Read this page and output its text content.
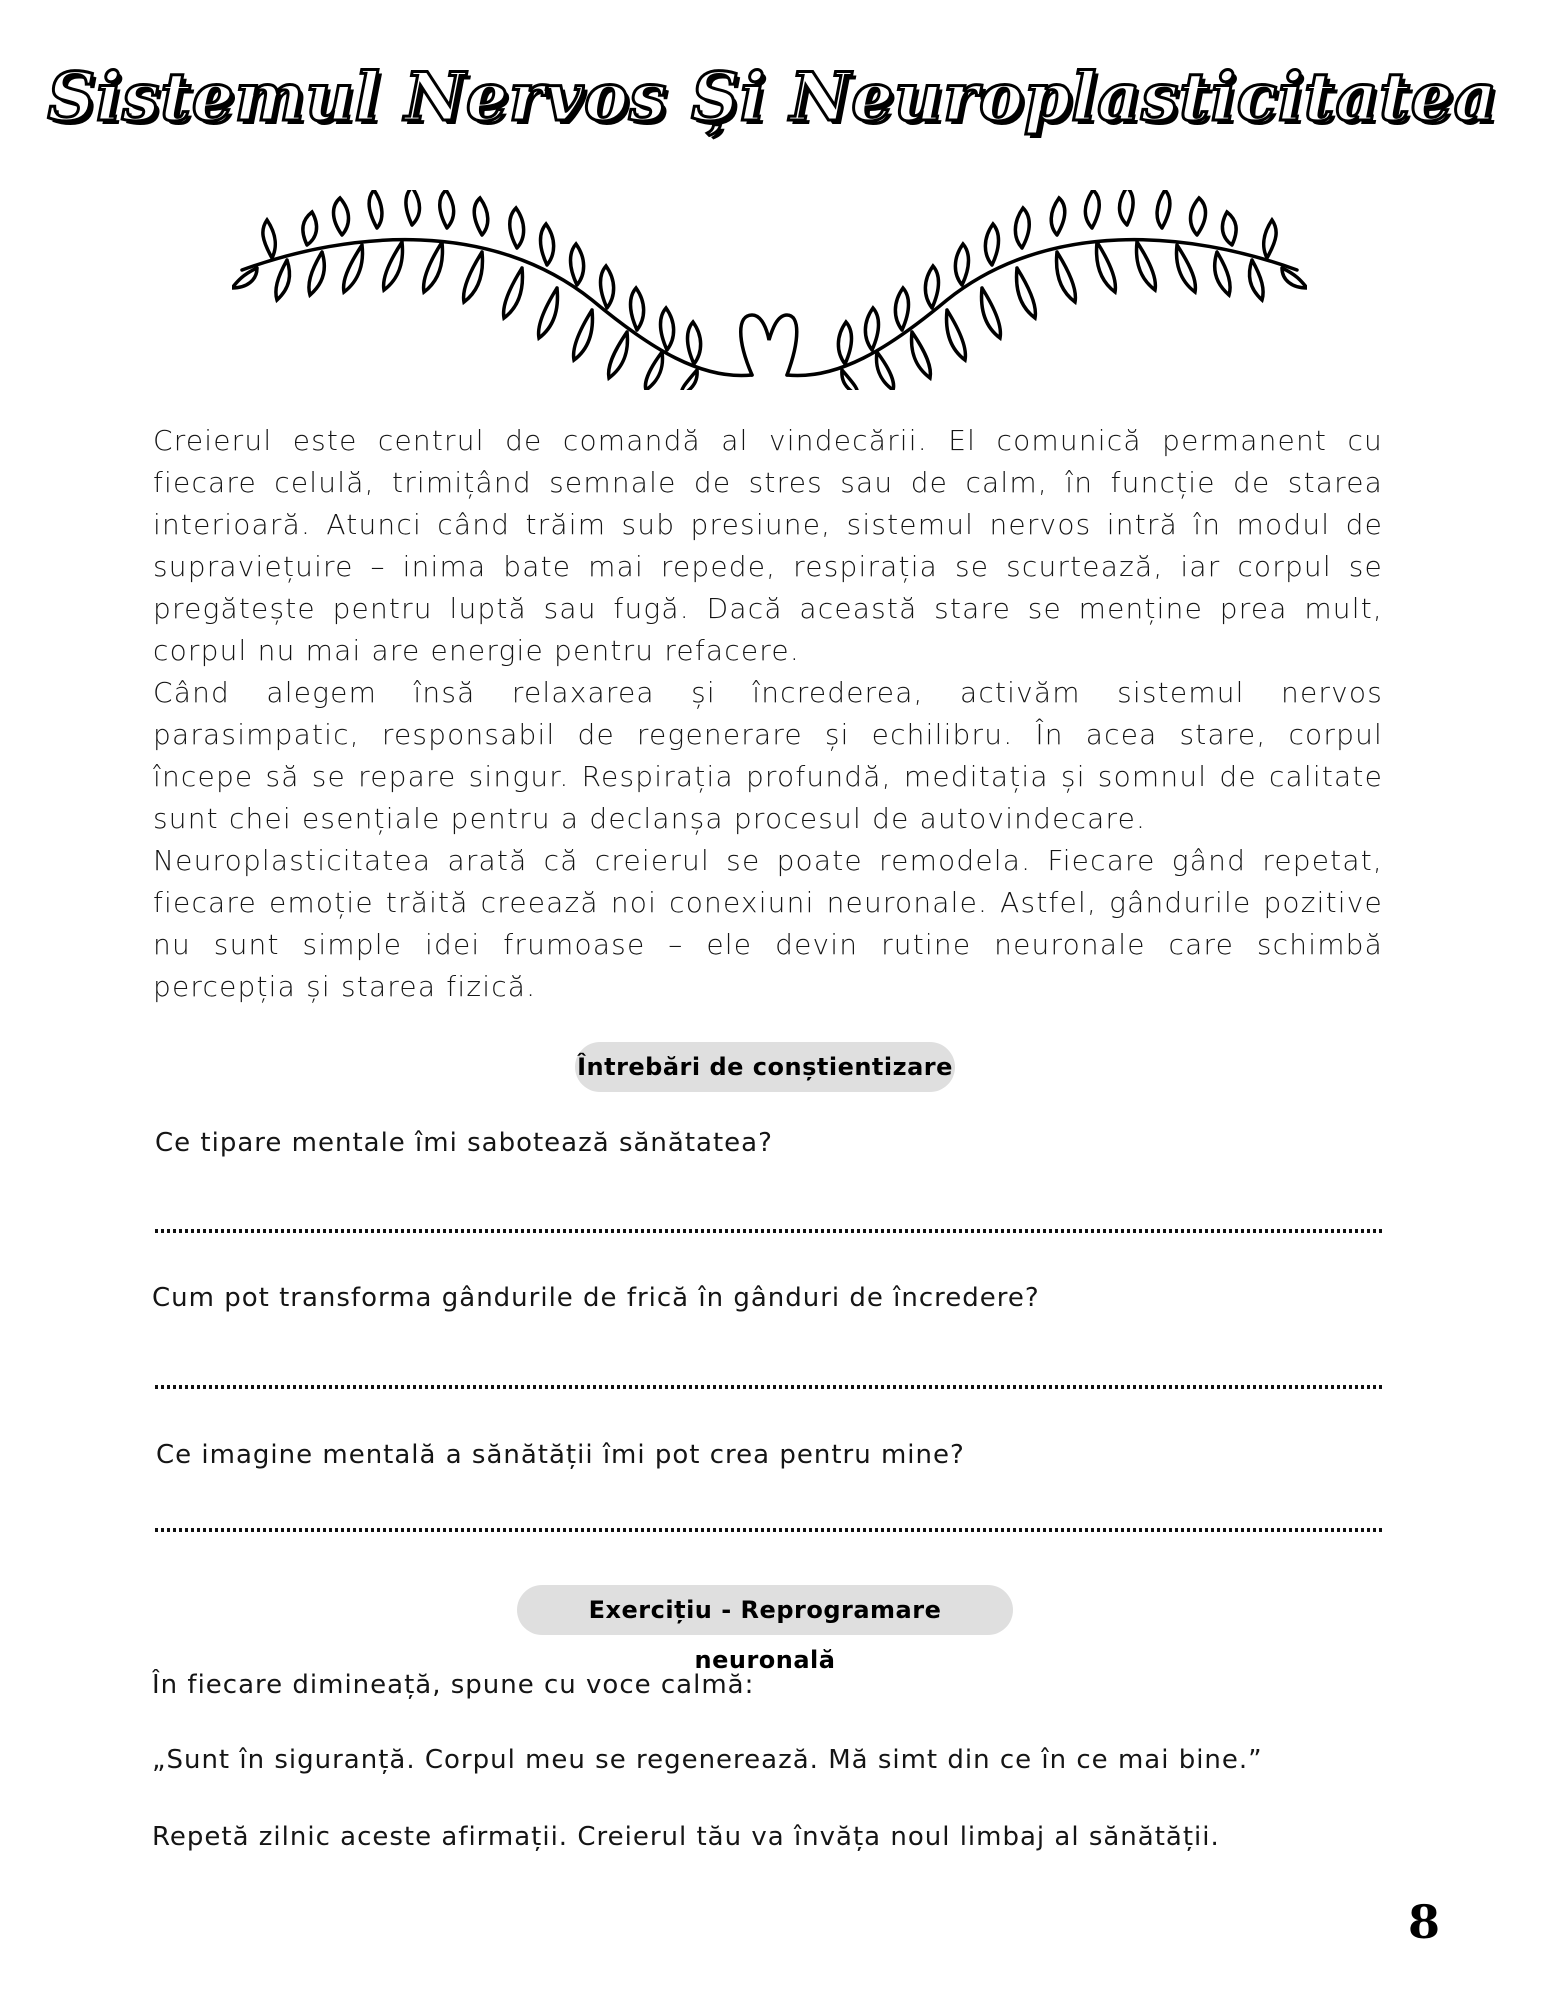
Sistemul Nervos Și Neuroplasticitatea

Creierul este centrul de comandă al vindecării. El comunică permanent cu fiecare celulă, trimițând semnale de stres sau de calm, în funcție de starea interioară. Atunci când trăim sub presiune, sistemul nervos intră în modul de supraviețuire – inima bate mai repede, respirația se scurtează, iar corpul se pregătește pentru luptă sau fugă. Dacă această stare se menține prea mult, corpul nu mai are energie pentru refacere.

Când alegem însă relaxarea și încrederea, activăm sistemul nervos parasimpatic, responsabil de regenerare și echilibru. În acea stare, corpul începe să se repare singur. Respirația profundă, meditația și somnul de calitate sunt chei esențiale pentru a declanșa procesul de autovindecare.

Neuroplasticitatea arată că creierul se poate remodela. Fiecare gând repetat, fiecare emoție trăită creează noi conexiuni neuronale. Astfel, gândurile pozitive nu sunt simple idei frumoase – ele devin rutine neuronale care schimbă percepția și starea fizică.

Întrebări de conștientizare
Ce tipare mentale îmi sabotează sănătatea?
Cum pot transforma gândurile de frică în gânduri de încredere?
Ce imagine mentală a sănătății îmi pot crea pentru mine?
Exercițiu - Reprogramare neuronală
În fiecare dimineață, spune cu voce calmă:
„Sunt în siguranță. Corpul meu se regenerează. Mă simt din ce în ce mai bine.”
Repetă zilnic aceste afirmații. Creierul tău va învăța noul limbaj al sănătății.
8
